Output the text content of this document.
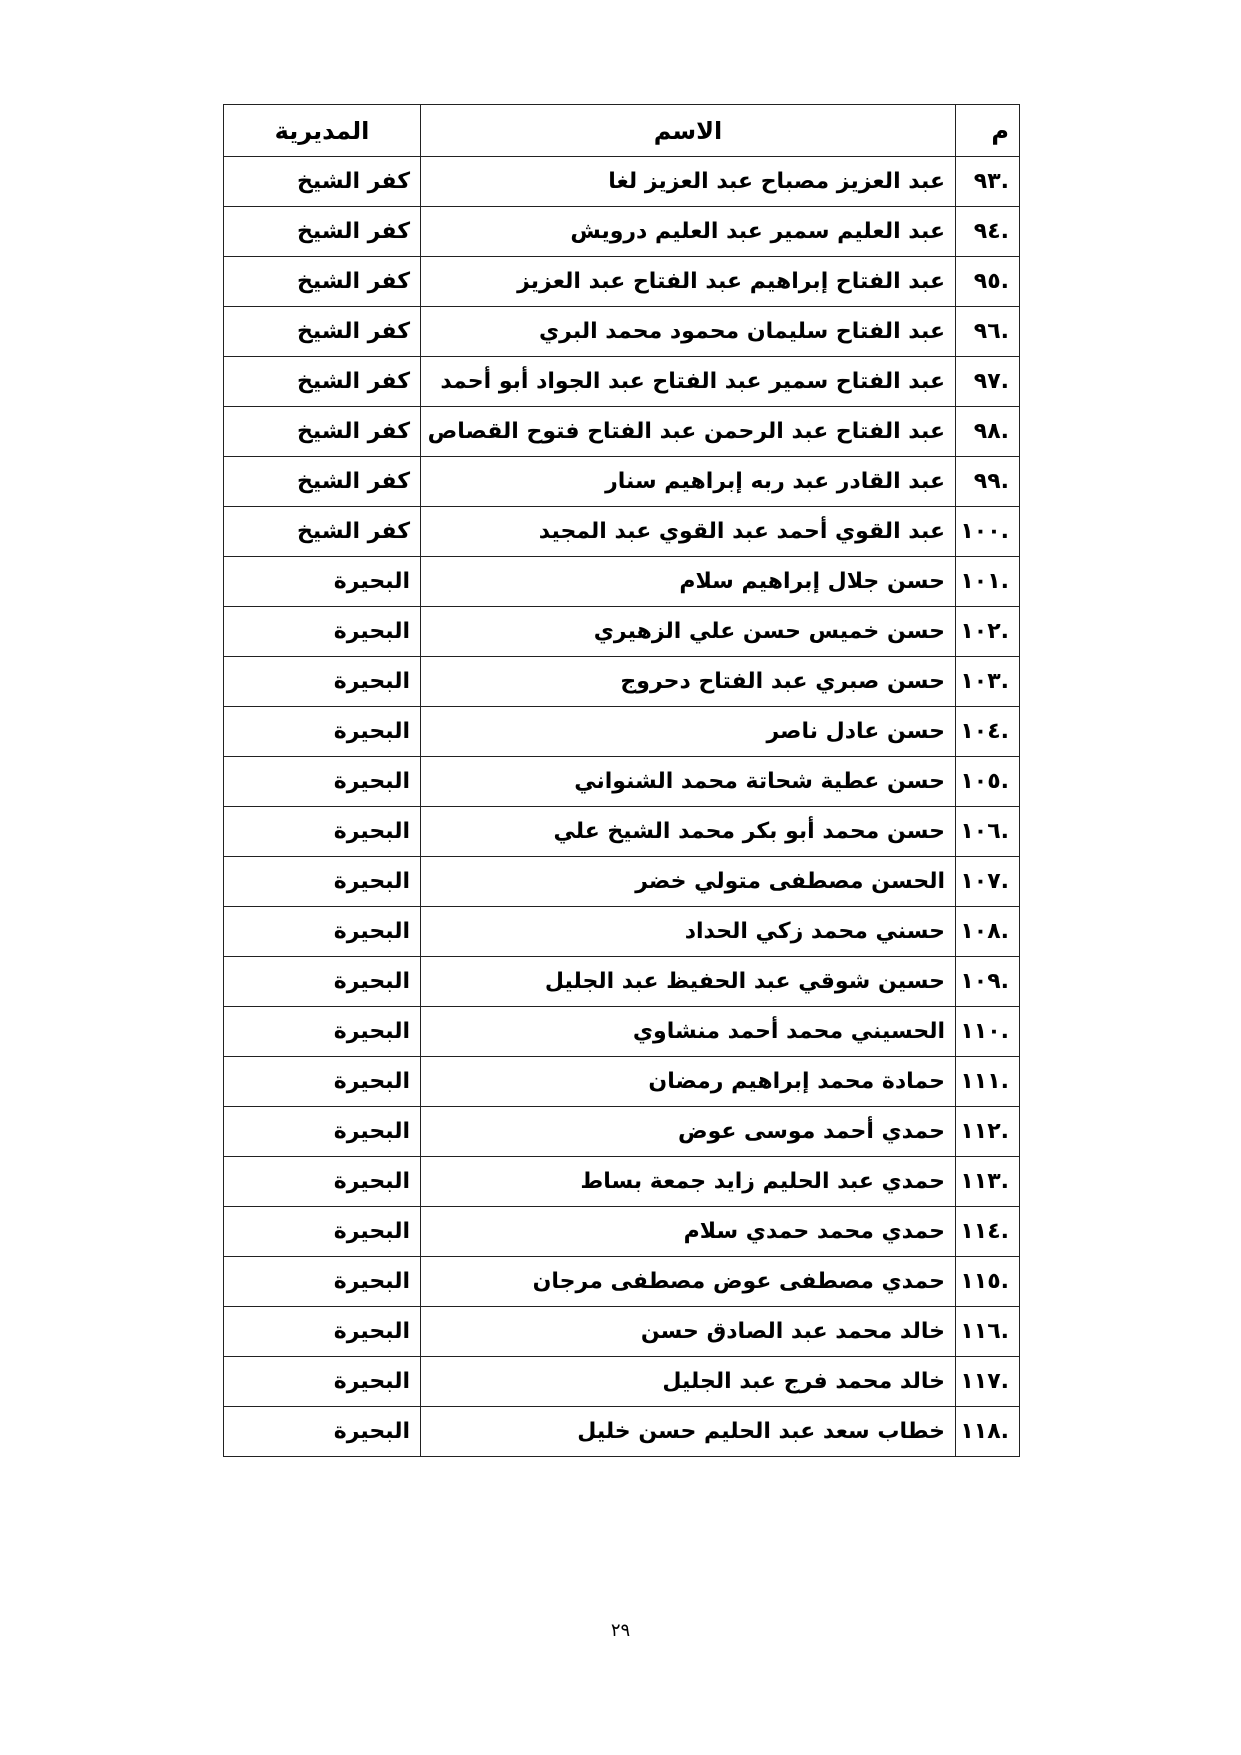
م	الاسم	المديرية
.٩٣	عبد العزيز مصباح عبد العزيز لغا	كفر الشيخ
.٩٤	عبد العليم سمير عبد العليم درويش	كفر الشيخ
.٩٥	عبد الفتاح إبراهيم عبد الفتاح عبد العزيز	كفر الشيخ
.٩٦	عبد الفتاح سليمان محمود محمد البري	كفر الشيخ
.٩٧	عبد الفتاح سمير عبد الفتاح عبد الجواد أبو أحمد	كفر الشيخ
.٩٨	عبد الفتاح عبد الرحمن عبد الفتاح فتوح القصاص	كفر الشيخ
.٩٩	عبد القادر عبد ربه إبراهيم سنار	كفر الشيخ
.١٠٠	عبد القوي أحمد عبد القوي عبد المجيد	كفر الشيخ
.١٠١	حسن جلال إبراهيم سلام	البحيرة
.١٠٢	حسن خميس حسن علي الزهيري	البحيرة
.١٠٣	حسن صبري عبد الفتاح دحروج	البحيرة
.١٠٤	حسن عادل ناصر	البحيرة
.١٠٥	حسن عطية شحاتة محمد الشنواني	البحيرة
.١٠٦	حسن محمد أبو بكر محمد الشيخ علي	البحيرة
.١٠٧	الحسن مصطفى متولي خضر	البحيرة
.١٠٨	حسني محمد زكي الحداد	البحيرة
.١٠٩	حسين شوقي عبد الحفيظ عبد الجليل	البحيرة
.١١٠	الحسيني محمد أحمد منشاوي	البحيرة
.١١١	حمادة محمد إبراهيم رمضان	البحيرة
.١١٢	حمدي أحمد موسى عوض	البحيرة
.١١٣	حمدي عبد الحليم زايد جمعة بساط	البحيرة
.١١٤	حمدي محمد حمدي سلام	البحيرة
.١١٥	حمدي مصطفى عوض مصطفى مرجان	البحيرة
.١١٦	خالد محمد عبد الصادق حسن	البحيرة
.١١٧	خالد محمد فرج عبد الجليل	البحيرة
.١١٨	خطاب سعد عبد الحليم حسن خليل	البحيرة
٢٩
